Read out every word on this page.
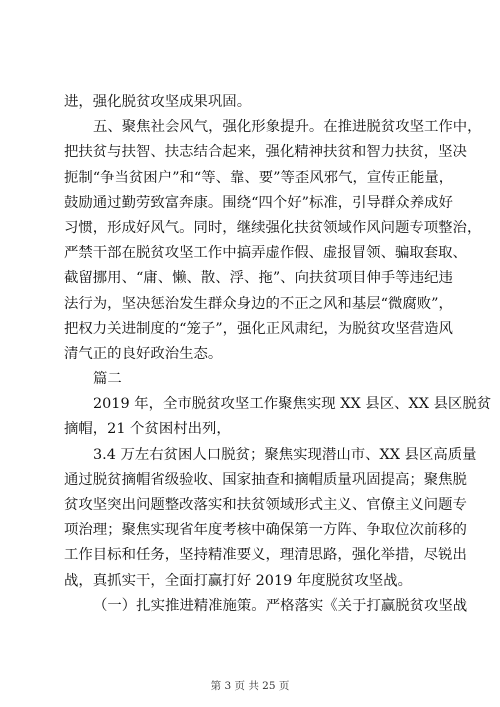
进，强化脱贫攻坚成果巩固。
五、聚焦社会风气，强化形象提升。在推进脱贫攻坚工作中，
把扶贫与扶智、扶志结合起来，强化精神扶贫和智力扶贫，坚决
扼制“争当贫困户”和“等、靠、要”等歪风邪气，宣传正能量，
鼓励通过勤劳致富奔康。围绕“四个好”标准，引导群众养成好
习惯，形成好风气。同时，继续强化扶贫领域作风问题专项整治，
严禁干部在脱贫攻坚工作中搞弄虚作假、虚报冒领、骗取套取、
截留挪用、“庸、懒、散、浮、拖”、向扶贫项目伸手等违纪违
法行为，坚决惩治发生群众身边的不正之风和基层“微腐败”，
把权力关进制度的“笼子”，强化正风肃纪，为脱贫攻坚营造风
清气正的良好政治生态。
篇二
2019 年，全市脱贫攻坚工作聚焦实现 XX 县区、XX 县区脱贫
摘帽，21 个贫困村出列，
3.4 万左右贫困人口脱贫；聚焦实现潜山市、XX 县区高质量
通过脱贫摘帽省级验收、国家抽查和摘帽质量巩固提高；聚焦脱
贫攻坚突出问题整改落实和扶贫领域形式主义、官僚主义问题专
项治理；聚焦实现省年度考核中确保第一方阵、争取位次前移的
工作目标和任务，坚持精准要义，理清思路，强化举措，尽锐出
战，真抓实干，全面打赢打好 2019 年度脱贫攻坚战。
（一）扎实推进精准施策。严格落实《关于打赢脱贫攻坚战
第 3 页 共 25 页
